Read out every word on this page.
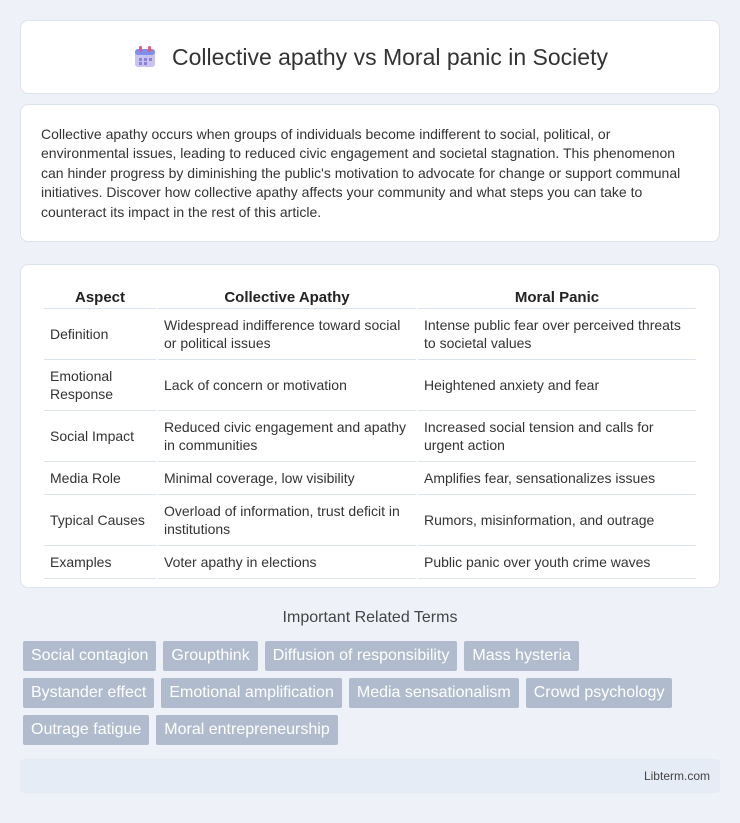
Collective apathy vs Moral panic in Society

Collective apathy occurs when groups of individuals become indifferent to social, political, or environmental issues, leading to reduced civic engagement and societal stagnation. This phenomenon can hinder progress by diminishing the public's motivation to advocate for change or support communal initiatives. Discover how collective apathy affects your community and what steps you can take to counteract its impact in the rest of this article.

Aspect	Collective Apathy	Moral Panic
Definition	Widespread indifference toward social or political issues	Intense public fear over perceived threats to societal values
Emotional Response	Lack of concern or motivation	Heightened anxiety and fear
Social Impact	Reduced civic engagement and apathy in communities	Increased social tension and calls for urgent action
Media Role	Minimal coverage, low visibility	Amplifies fear, sensationalizes issues
Typical Causes	Overload of information, trust deficit in institutions	Rumors, misinformation, and outrage
Examples	Voter apathy in elections	Public panic over youth crime waves
Important Related Terms
Social contagion	Groupthink	Diffusion of responsibility	Mass hysteria
Bystander effect	Emotional amplification	Media sensationalism	Crowd psychology
Outrage fatigue	Moral entrepreneurship
Libterm.com
